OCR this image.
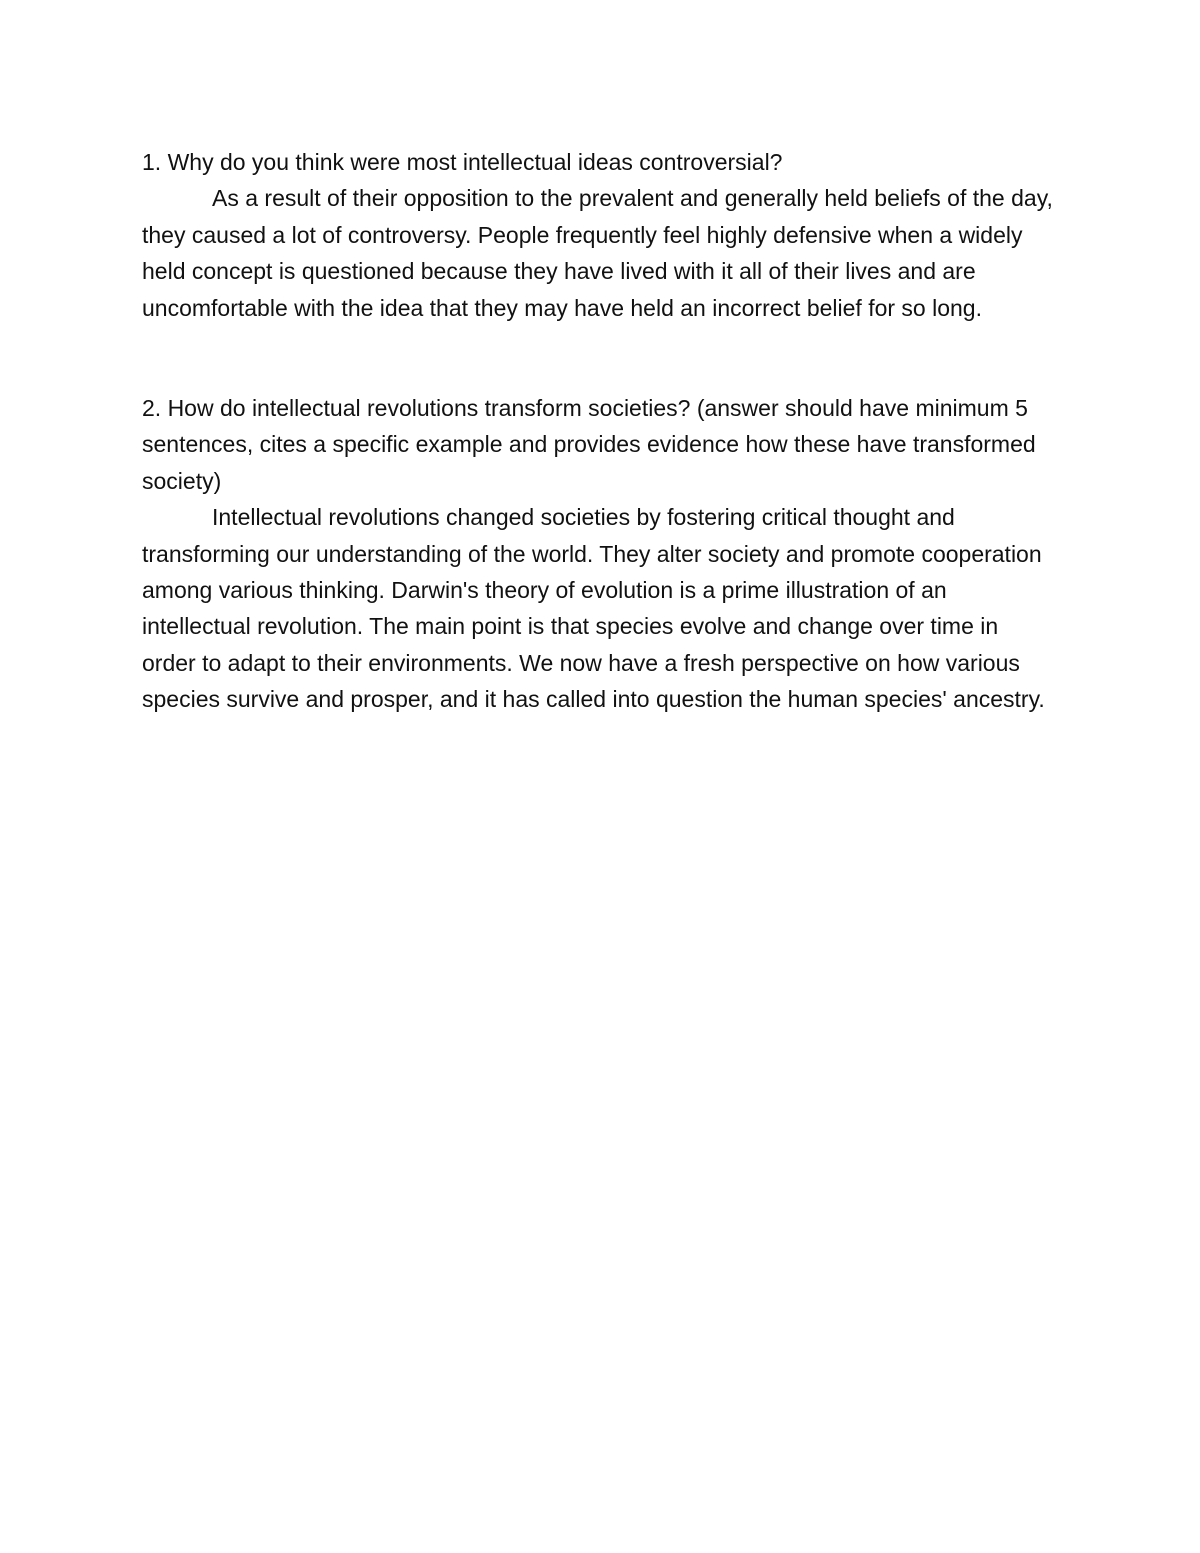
1. Why do you think were most intellectual ideas controversial?

As a result of their opposition to the prevalent and generally held beliefs of the day, they caused a lot of controversy. People frequently feel highly defensive when a widely held concept is questioned because they have lived with it all of their lives and are uncomfortable with the idea that they may have held an incorrect belief for so long.

2. How do intellectual revolutions transform societies? (answer should have minimum 5 sentences, cites a specific example and provides evidence how these have transformed society)

Intellectual revolutions changed societies by fostering critical thought and transforming our understanding of the world. They alter society and promote cooperation among various thinking. Darwin's theory of evolution is a prime illustration of an intellectual revolution. The main point is that species evolve and change over time in order to adapt to their environments. We now have a fresh perspective on how various species survive and prosper, and it has called into question the human species' ancestry.
